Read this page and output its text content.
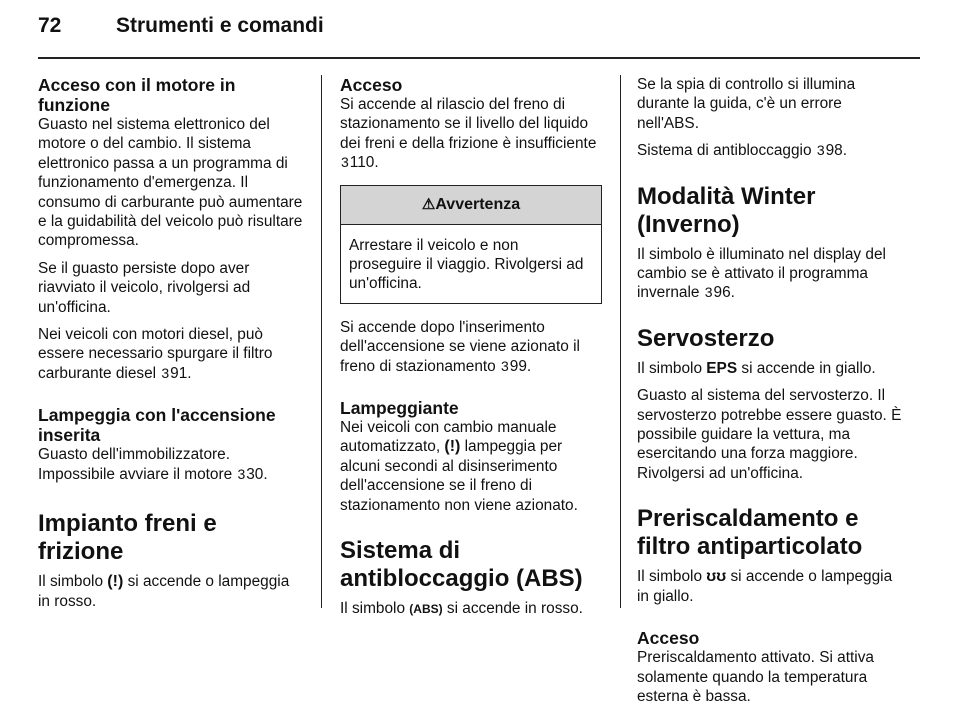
72	Strumenti e comandi
Acceso con il motore in funzione

Guasto nel sistema elettronico del motore o del cambio. Il sistema elettronico passa a un programma di funzionamento d'emergenza. Il consumo di carburante può aumentare e la guidabilità del veicolo può risultare compromessa.

Se il guasto persiste dopo aver riavviato il veicolo, rivolgersi ad un'officina.

Nei veicoli con motori diesel, può essere necessario spurgare il filtro carburante diesel 391.

Lampeggia con l'accensione inserita

Guasto dell'immobilizzatore. Impossibile avviare il motore 330.

Impianto freni e frizione

Il simbolo (!) si accende o lampeggia in rosso.

Acceso

Si accende al rilascio del freno di stazionamento se il livello del liquido dei freni e della frizione è insufficiente 3110.

⚠Avvertenza
Arrestare il veicolo e non proseguire il viaggio. Rivolgersi ad un'officina.

Si accende dopo l'inserimento dell'accensione se viene azionato il freno di stazionamento 399.

Lampeggiante

Nei veicoli con cambio manuale automatizzato, (!) lampeggia per alcuni secondi al disinserimento dell'accensione se il freno di stazionamento non viene azionato.

Sistema di antibloccaggio (ABS)

Il simbolo (ABS) si accende in rosso.

Se la spia di controllo si illumina durante la guida, c'è un errore nell'ABS.

Sistema di antibloccaggio 398.

Modalità Winter (Inverno)

Il simbolo è illuminato nel display del cambio se è attivato il programma invernale 396.

Servosterzo

Il simbolo EPS si accende in giallo.

Guasto al sistema del servosterzo. Il servosterzo potrebbe essere guasto. È possibile guidare la vettura, ma esercitando una forza maggiore. Rivolgersi ad un'officina.

Preriscaldamento e filtro antiparticolato

Il simbolo ʊʊ si accende o lampeggia in giallo.

Acceso

Preriscaldamento attivato. Si attiva solamente quando la temperatura esterna è bassa.
